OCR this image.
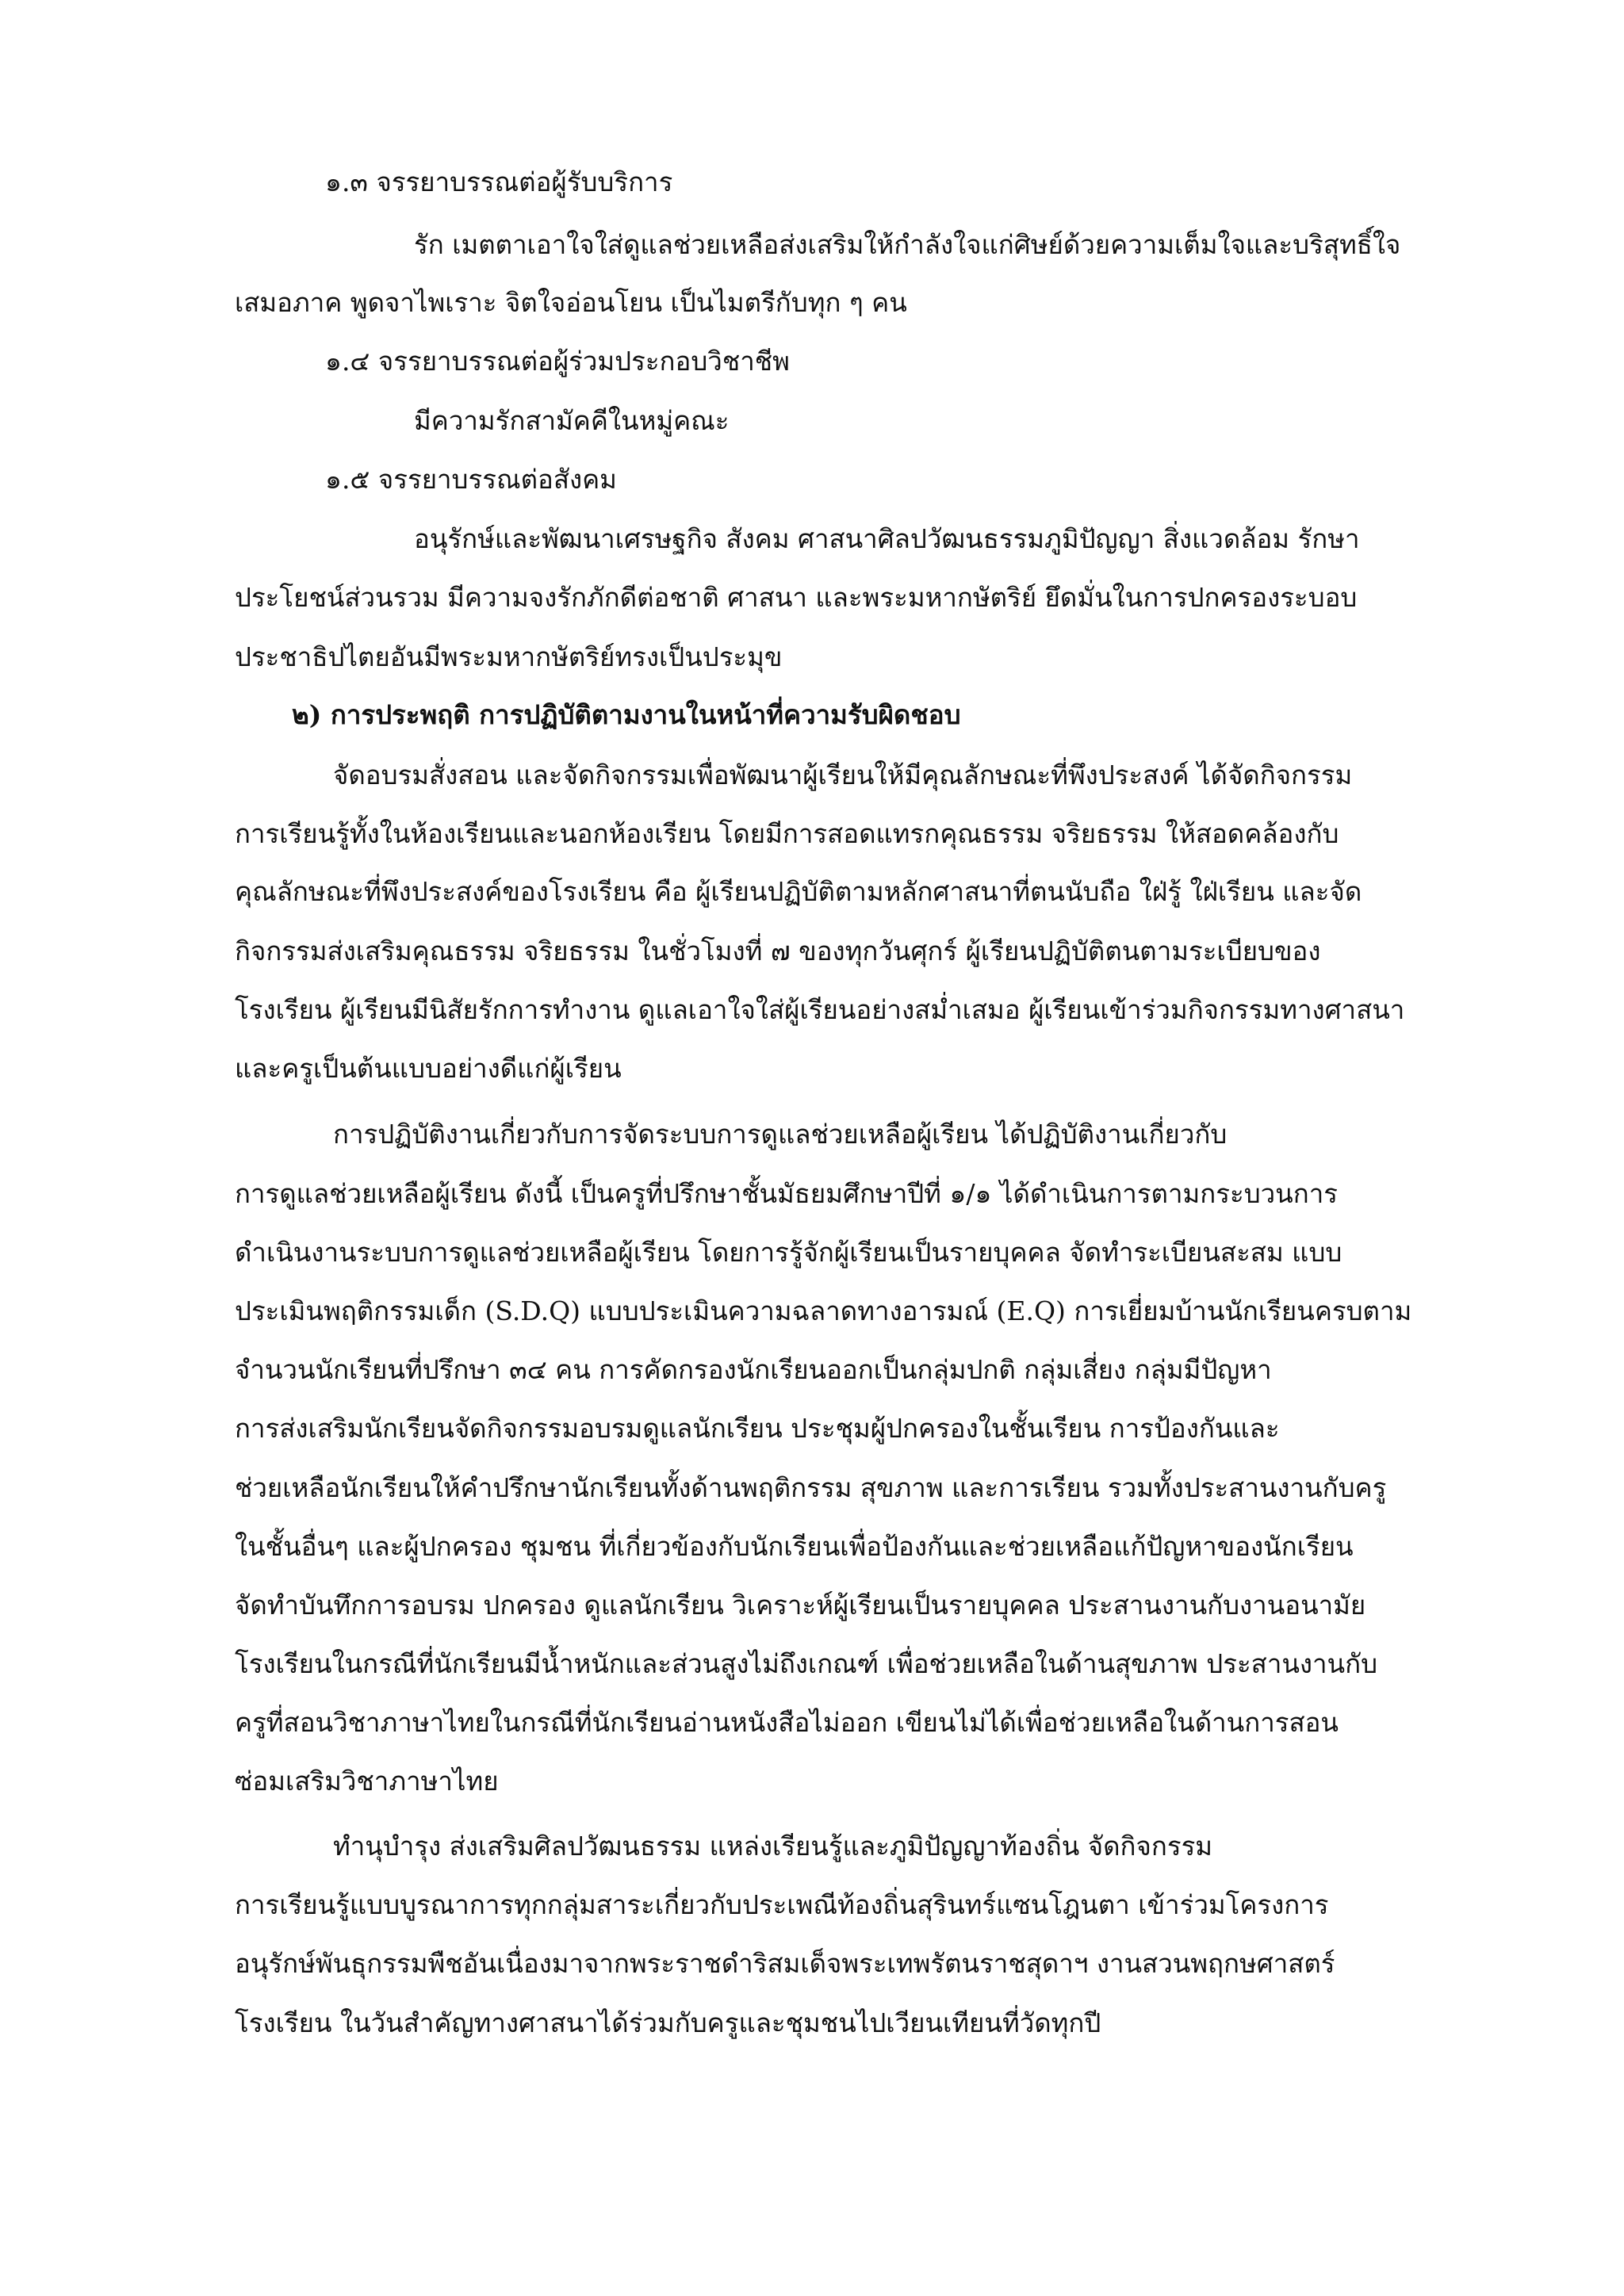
๑.๓ จรรยาบรรณต่อผู้รับบริการ
รัก เมตตาเอาใจใส่ดูแลช่วยเหลือส่งเสริมให้กำลังใจแก่ศิษย์ด้วยความเต็มใจและบริสุทธิ์ใจ
เสมอภาค พูดจาไพเราะ จิตใจอ่อนโยน เป็นไมตรีกับทุก ๆ คน
๑.๔ จรรยาบรรณต่อผู้ร่วมประกอบวิชาชีพ
มีความรักสามัคคีในหมู่คณะ
๑.๕ จรรยาบรรณต่อสังคม
อนุรักษ์และพัฒนาเศรษฐกิจ สังคม ศาสนาศิลปวัฒนธรรมภูมิปัญญา สิ่งแวดล้อม รักษา
ประโยชน์ส่วนรวม มีความจงรักภักดีต่อชาติ ศาสนา และพระมหากษัตริย์ ยึดมั่นในการปกครองระบอบ
ประชาธิปไตยอันมีพระมหากษัตริย์ทรงเป็นประมุข
๒) การประพฤติ การปฏิบัติตามงานในหน้าที่ความรับผิดชอบ
จัดอบรมสั่งสอน และจัดกิจกรรมเพื่อพัฒนาผู้เรียนให้มีคุณลักษณะที่พึงประสงค์ ได้จัดกิจกรรม
การเรียนรู้ทั้งในห้องเรียนและนอกห้องเรียน โดยมีการสอดแทรกคุณธรรม จริยธรรม ให้สอดคล้องกับ
คุณลักษณะที่พึงประสงค์ของโรงเรียน คือ ผู้เรียนปฏิบัติตามหลักศาสนาที่ตนนับถือ ใฝ่รู้ ใฝ่เรียน และจัด
กิจกรรมส่งเสริมคุณธรรม จริยธรรม ในชั่วโมงที่ ๗ ของทุกวันศุกร์ ผู้เรียนปฏิบัติตนตามระเบียบของ
โรงเรียน ผู้เรียนมีนิสัยรักการทำงาน ดูแลเอาใจใส่ผู้เรียนอย่างสม่ำเสมอ ผู้เรียนเข้าร่วมกิจกรรมทางศาสนา
และครูเป็นต้นแบบอย่างดีแก่ผู้เรียน
การปฏิบัติงานเกี่ยวกับการจัดระบบการดูแลช่วยเหลือผู้เรียน ได้ปฏิบัติงานเกี่ยวกับ
การดูแลช่วยเหลือผู้เรียน ดังนี้ เป็นครูที่ปรึกษาชั้นมัธยมศึกษาปีที่ ๑/๑ ได้ดำเนินการตามกระบวนการ
ดำเนินงานระบบการดูแลช่วยเหลือผู้เรียน โดยการรู้จักผู้เรียนเป็นรายบุคคล จัดทำระเบียนสะสม แบบ
ประเมินพฤติกรรมเด็ก (S.D.Q) แบบประเมินความฉลาดทางอารมณ์ (E.Q) การเยี่ยมบ้านนักเรียนครบตาม
จำนวนนักเรียนที่ปรึกษา ๓๔ คน การคัดกรองนักเรียนออกเป็นกลุ่มปกติ กลุ่มเสี่ยง กลุ่มมีปัญหา
การส่งเสริมนักเรียนจัดกิจกรรมอบรมดูแลนักเรียน ประชุมผู้ปกครองในชั้นเรียน การป้องกันและ
ช่วยเหลือนักเรียนให้คำปรึกษานักเรียนทั้งด้านพฤติกรรม สุขภาพ และการเรียน รวมทั้งประสานงานกับครู
ในชั้นอื่นๆ และผู้ปกครอง ชุมชน ที่เกี่ยวข้องกับนักเรียนเพื่อป้องกันและช่วยเหลือแก้ปัญหาของนักเรียน
จัดทำบันทึกการอบรม ปกครอง ดูแลนักเรียน วิเคราะห์ผู้เรียนเป็นรายบุคคล ประสานงานกับงานอนามัย
โรงเรียนในกรณีที่นักเรียนมีน้ำหนักและส่วนสูงไม่ถึงเกณฑ์ เพื่อช่วยเหลือในด้านสุขภาพ ประสานงานกับ
ครูที่สอนวิชาภาษาไทยในกรณีที่นักเรียนอ่านหนังสือไม่ออก เขียนไม่ได้เพื่อช่วยเหลือในด้านการสอน
ซ่อมเสริมวิชาภาษาไทย
ทำนุบำรุง ส่งเสริมศิลปวัฒนธรรม แหล่งเรียนรู้และภูมิปัญญาท้องถิ่น จัดกิจกรรม
การเรียนรู้แบบบูรณาการทุกกลุ่มสาระเกี่ยวกับประเพณีท้องถิ่นสุรินทร์แซนโฎนตา เข้าร่วมโครงการ
อนุรักษ์พันธุกรรมพืชอันเนื่องมาจากพระราชดำริสมเด็จพระเทพรัตนราชสุดาฯ งานสวนพฤกษศาสตร์
โรงเรียน ในวันสำคัญทางศาสนาได้ร่วมกับครูและชุมชนไปเวียนเทียนที่วัดทุกปี
